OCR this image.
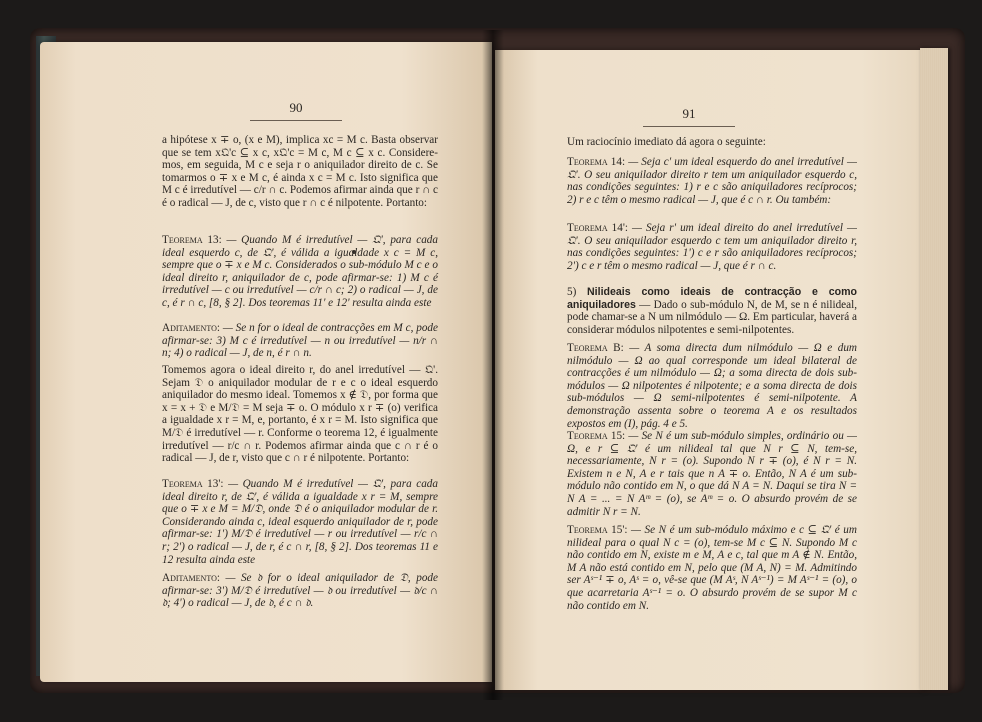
90

a hipótese x ∓ o, (x e M), implica xc = M c. Basta observar que se tem x𝔔'c ⊆ x c, x𝔔'c = M c, M c ⊆ x c. Considere-mos, em seguida, M c e seja r o aniquilador direito de c. Se tomarmos o ∓ x e M c, é ainda x c = M c. Isto significa que M c é irredutível — c/r ∩ c. Podemos afirmar ainda que r ∩ c é o radical — J, de c, visto que r ∩ c é nilpotente. Portanto:

Teorema 13: — Quando M é irredutível — 𝔔', para cada ideal esquerdo c, de 𝔔', é válida a igualdade x c = M c, sempre que o ∓ x e M c. Considerados o sub-módulo M c e o ideal direito r, aniquilador de c, pode afirmar-se: 1) M c é irredutível — c ou irredutível — c/r ∩ c; 2) o radical — J, de c, é r ∩ c, [8, § 2]. Dos teoremas 11' e 12' resulta ainda este

Aditamento: — Se n for o ideal de contracções em M c, pode afirmar-se: 3) M c é irredutível — n ou irredutível — n/r ∩ n; 4) o radical — J, de n, é r ∩ n.

Tomemos agora o ideal direito r, do anel irredutível — 𝔔'. Sejam 𝔇 o aniquilador modular de r e c o ideal esquerdo aniquilador do mesmo ideal. Tomemos x ∉ 𝔇, por forma que x = x + 𝔇 e M/𝔇 = M seja ∓ o. O módulo x r ∓ (o) verifica a igualdade x r = M, e, portanto, é x r = M. Isto significa que M/𝔇 é irredutível — r. Conforme o teorema 12, é igualmente irredutível — r/c ∩ r. Podemos afirmar ainda que c ∩ r é o radical — J, de r, visto que c ∩ r é nilpotente. Portanto:

Teorema 13': — Quando M é irredutível — 𝔔', para cada ideal direito r, de 𝔔', é válida a igualdade x r = M, sempre que o ∓ x e M = M/𝔇, onde 𝔇 é o aniquilador modular de r. Considerando ainda c, ideal esquerdo aniquilador de r, pode afirmar-se: 1') M/𝔇 é irredutível — r ou irredutível — r/c ∩ r; 2') o radical — J, de r, é c ∩ r, [8, § 2]. Dos teoremas 11 e 12 resulta ainda este

Aditamento: — Se 𝔡 for o ideal aniquilador de 𝔇, pode afirmar-se: 3') M/𝔇 é irredutível — 𝔡 ou irredutível — 𝔡/c ∩ 𝔡; 4') o radical — J, de 𝔡, é c ∩ 𝔡.

91

Um raciocínio imediato dá agora o seguinte:

Teorema 14: — Seja c' um ideal esquerdo do anel irredutível — 𝔔'. O seu aniquilador direito r tem um aniquilador esquerdo c, nas condições seguintes: 1) r e c são aniquiladores recíprocos; 2) r e c têm o mesmo radical — J, que é c ∩ r. Ou também:

Teorema 14': — Seja r' um ideal direito do anel irredutível — 𝔔'. O seu aniquilador esquerdo c tem um aniquilador direito r, nas condições seguintes: 1') c e r são aniquiladores recíprocos; 2') c e r têm o mesmo radical — J, que é r ∩ c.

5) Nilideais como ideais de contracção e como aniquiladores — Dado o sub-módulo N, de M, se n é nilideal, pode chamar-se a N um nilmódulo — Ω. Em particular, haverá a considerar módulos nilpotentes e semi-nilpotentes.

Teorema B: — A soma directa dum nilmódulo — Ω e dum nilmódulo — Ω ao qual corresponde um ideal bilateral de contracções é um nilmódulo — Ω; a soma directa de dois sub-módulos — Ω nilpotentes é nilpotente; e a soma directa de dois sub-módulos — Ω semi-nilpotentes é semi-nilpotente. A demonstração assenta sobre o teorema A e os resultados expostos em (I), pág. 4 e 5.

Teorema 15: — Se N é um sub-módulo simples, ordinário ou — Ω, e r ⊆ 𝔔' é um nilideal tal que N r ⊆ N, tem-se, necessariamente, N r = (o). Supondo N r ∓ (o), é N r = N. Existem n e N, A e r tais que n A ∓ o. Então, N A é um sub-módulo não contido em N, o que dá N A = N. Daqui se tira N = N A = ... = N Aᵐ = (o), se Aᵐ = o. O absurdo provém de se admitir N r = N.

Teorema 15': — Se N é um sub-módulo máximo e c ⊆ 𝔔' é um nilideal para o qual N c = (o), tem-se M c ⊆ N. Supondo M c não contido em N, existe m e M, A e c, tal que m A ∉ N. Então, M A não está contido em N, pelo que (M A, N) = M. Admitindo ser Aˢ⁻¹ ∓ o, Aˢ = o, vê-se que (M Aˢ, N Aˢ⁻¹) = M Aˢ⁻¹ = (o), o que acarretaria Aˢ⁻¹ = o. O absurdo provém de se supor M c não contido em N.
